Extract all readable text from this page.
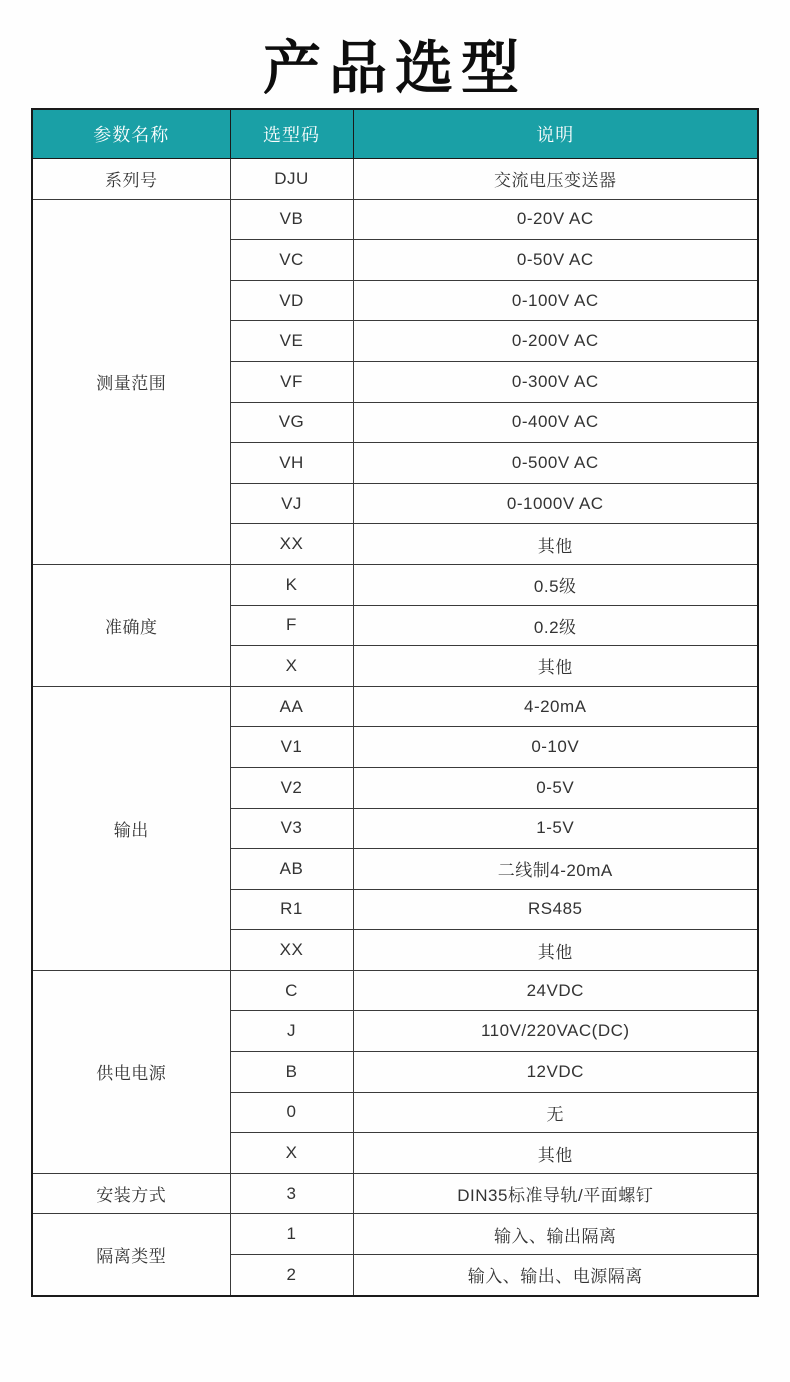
产品选型
参数名称	选型码	说明
系列号	DJU	交流电压变送器
测量范围	VB	0-20V AC
	VC	0-50V AC
	VD	0-100V AC
	VE	0-200V AC
	VF	0-300V AC
	VG	0-400V AC
	VH	0-500V AC
	VJ	0-1000V AC
	XX	其他
准确度	K	0.5级
	F	0.2级
	X	其他
输出	AA	4-20mA
	V1	0-10V
	V2	0-5V
	V3	1-5V
	AB	二线制4-20mA
	R1	RS485
	XX	其他
供电电源	C	24VDC
	J	110V/220VAC(DC)
	B	12VDC
	0	无
	X	其他
安装方式	3	DIN35标准导轨/平面螺钉
隔离类型	1	输入、输出隔离
	2	输入、输出、电源隔离
